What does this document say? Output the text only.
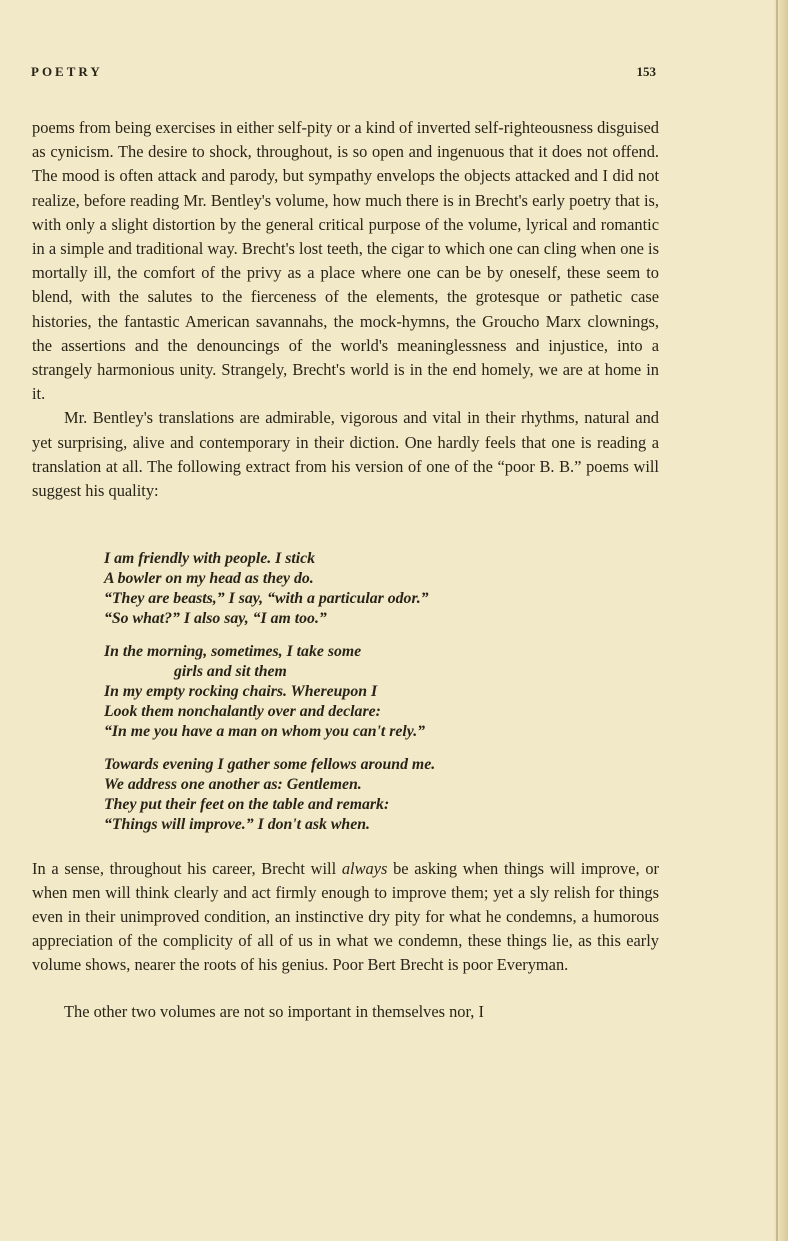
POETRY	153

poems from being exercises in either self-pity or a kind of inverted self-righteousness disguised as cynicism. The desire to shock, throughout, is so open and ingenuous that it does not offend. The mood is often attack and parody, but sympathy envelops the objects attacked and I did not realize, before reading Mr. Bentley's volume, how much there is in Brecht's early poetry that is, with only a slight distortion by the general critical purpose of the volume, lyrical and romantic in a simple and traditional way. Brecht's lost teeth, the cigar to which one can cling when one is mortally ill, the comfort of the privy as a place where one can be by oneself, these seem to blend, with the salutes to the fierceness of the elements, the grotesque or pathetic case histories, the fantastic American savannahs, the mock-hymns, the Groucho Marx clownings, the assertions and the denouncings of the world's meaninglessness and injustice, into a strangely harmonious unity. Strangely, Brecht's world is in the end homely, we are at home in it.

Mr. Bentley's translations are admirable, vigorous and vital in their rhythms, natural and yet surprising, alive and contemporary in their diction. One hardly feels that one is reading a translation at all. The following extract from his version of one of the “poor B. B.” poems will suggest his quality:

I am friendly with people. I stick
A bowler on my head as they do.
“They are beasts,” I say, “with a particular odor.”
“So what?” I also say, “I am too.”
In the morning, sometimes, I take some
girls and sit them
In my empty rocking chairs. Whereupon I
Look them nonchalantly over and declare:
“In me you have a man on whom you can't rely.”
Towards evening I gather some fellows around me.
We address one another as: Gentlemen.
They put their feet on the table and remark:
“Things will improve.” I don't ask when.

In a sense, throughout his career, Brecht will always be asking when things will improve, or when men will think clearly and act firmly enough to improve them; yet a sly relish for things even in their unimproved condition, an instinctive dry pity for what he condemns, a humorous appreciation of the complicity of all of us in what we condemn, these things lie, as this early volume shows, nearer the roots of his genius. Poor Bert Brecht is poor Everyman.

The other two volumes are not so important in themselves nor, I
